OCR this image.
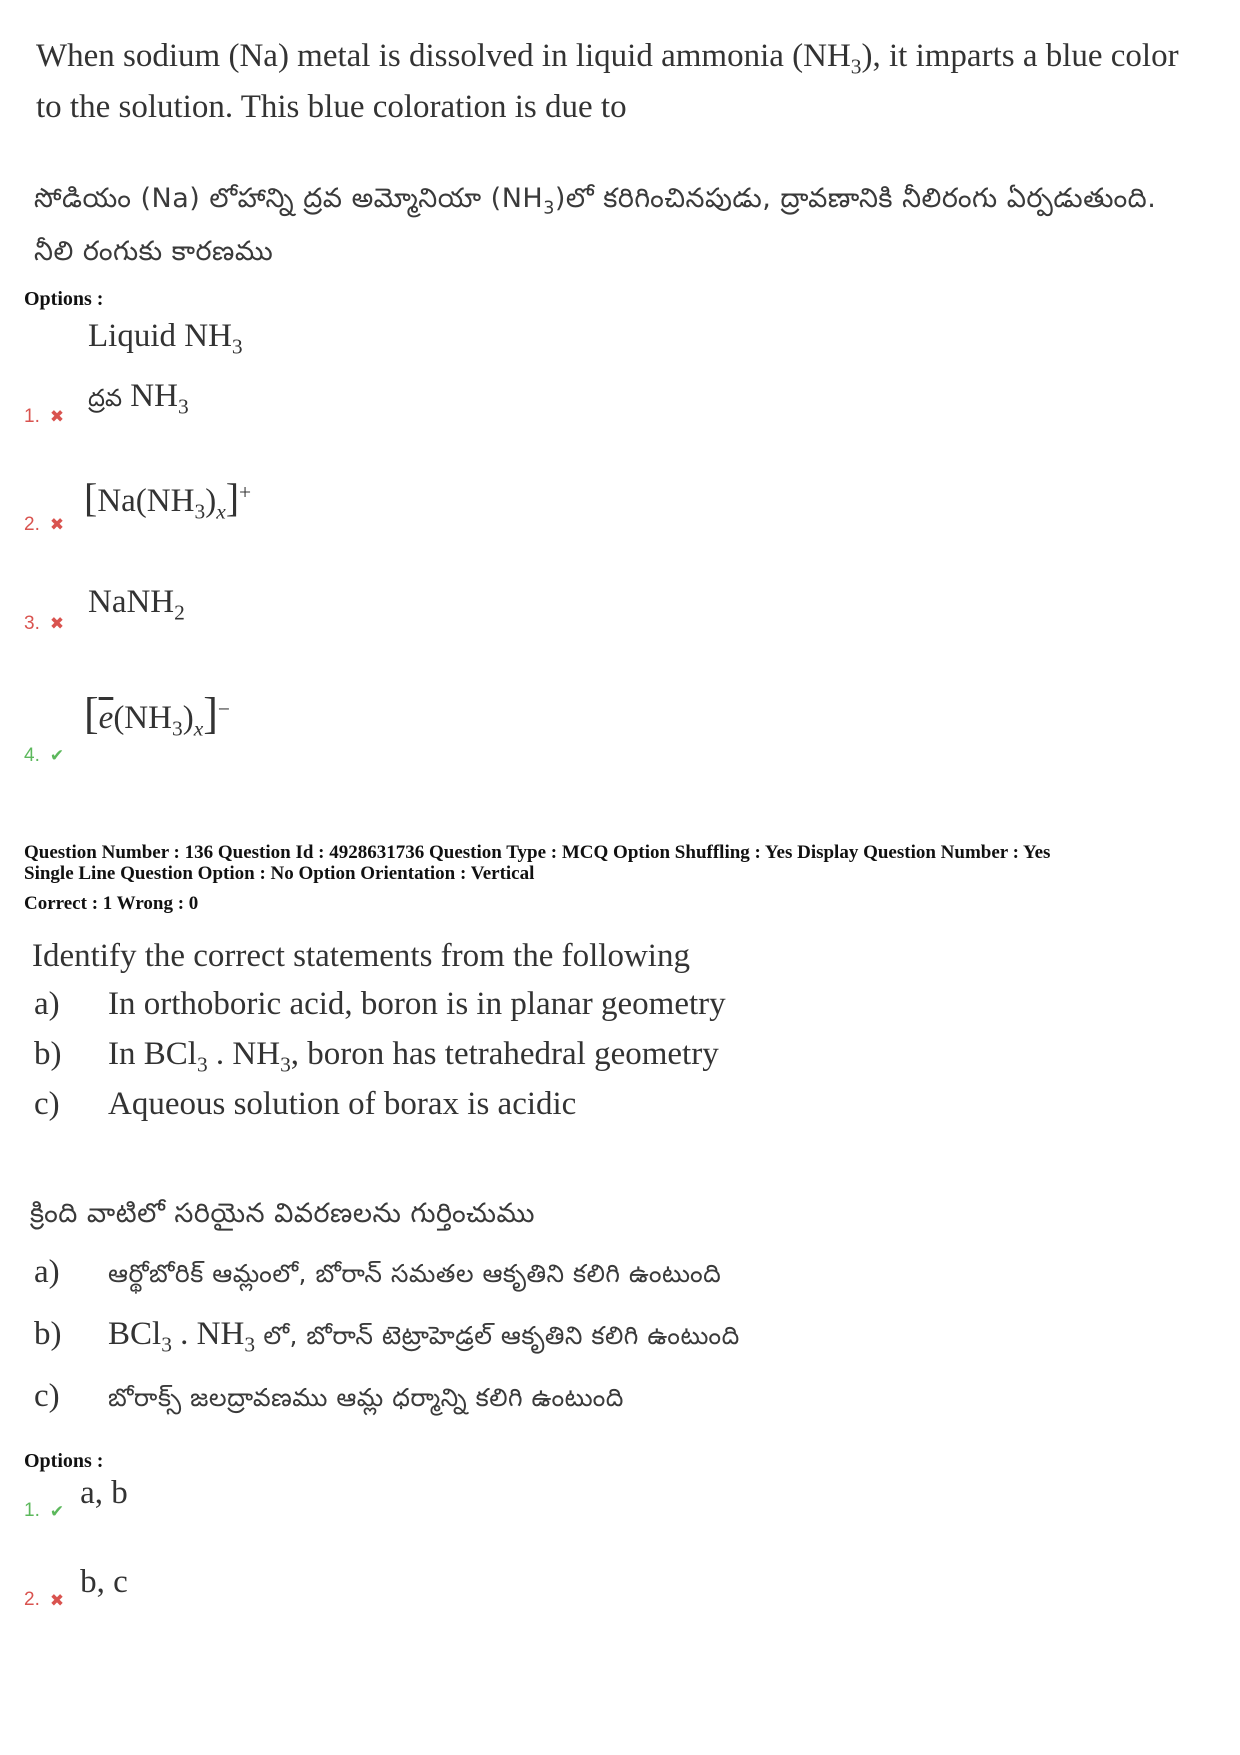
When sodium (Na) metal is dissolved in liquid ammonia $(NH_3)$, it imparts a blue color to the solution. This blue coloration is due to
సోడియం (Na) లోహాన్ని ద్రవ అమ్మోనియా $(NH_3)లో$ కరిగించినపుడు, ద్రావణానికి నీలిరంగు ఏర్పడుతుంది.
నీలి రంగుకు కారణము
Options :
Liquid $NH_3$
ద్రవ $NH_3$
1. ✖
$[Na(NH_3)_x]^+$
2. ✖
NaNH$_2$
3. ✖
$[\overline{e}(NH_3)_x]^-$
4. ✔
Question Number : 136 Question Id : 4928631736 Question Type : MCQ Option Shuffling : Yes Display Question Number : Yes
Single Line Question Option : No Option Orientation : Vertical
Correct : 1 Wrong : 0
Identify the correct statements from the following
a) In orthoboric acid, boron is in planar geometry
b) In BCl$_3$ . $NH_3$, boron has tetrahedral geometry
c) Aqueous solution of borax is acidic
క్రింది వాటిలో సరియైన వివరణలను గుర్తించుము
a) ఆర్థోబోరిక్ ఆమ్లంలో, బోరాన్ సమతల ఆకృతిని కలిగి ఉంటుంది
b) BCl$_3$ . $NH_3$ లో, బోరాన్ టెట్రాహెడ్రల్ ఆకృతిని కలిగి ఉంటుంది
c) బోరాక్స్ జలద్రావణము ఆమ్ల ధర్మాన్ని కలిగి ఉంటుంది
Options :
1. ✔ a, b
2. ✖ b, c
